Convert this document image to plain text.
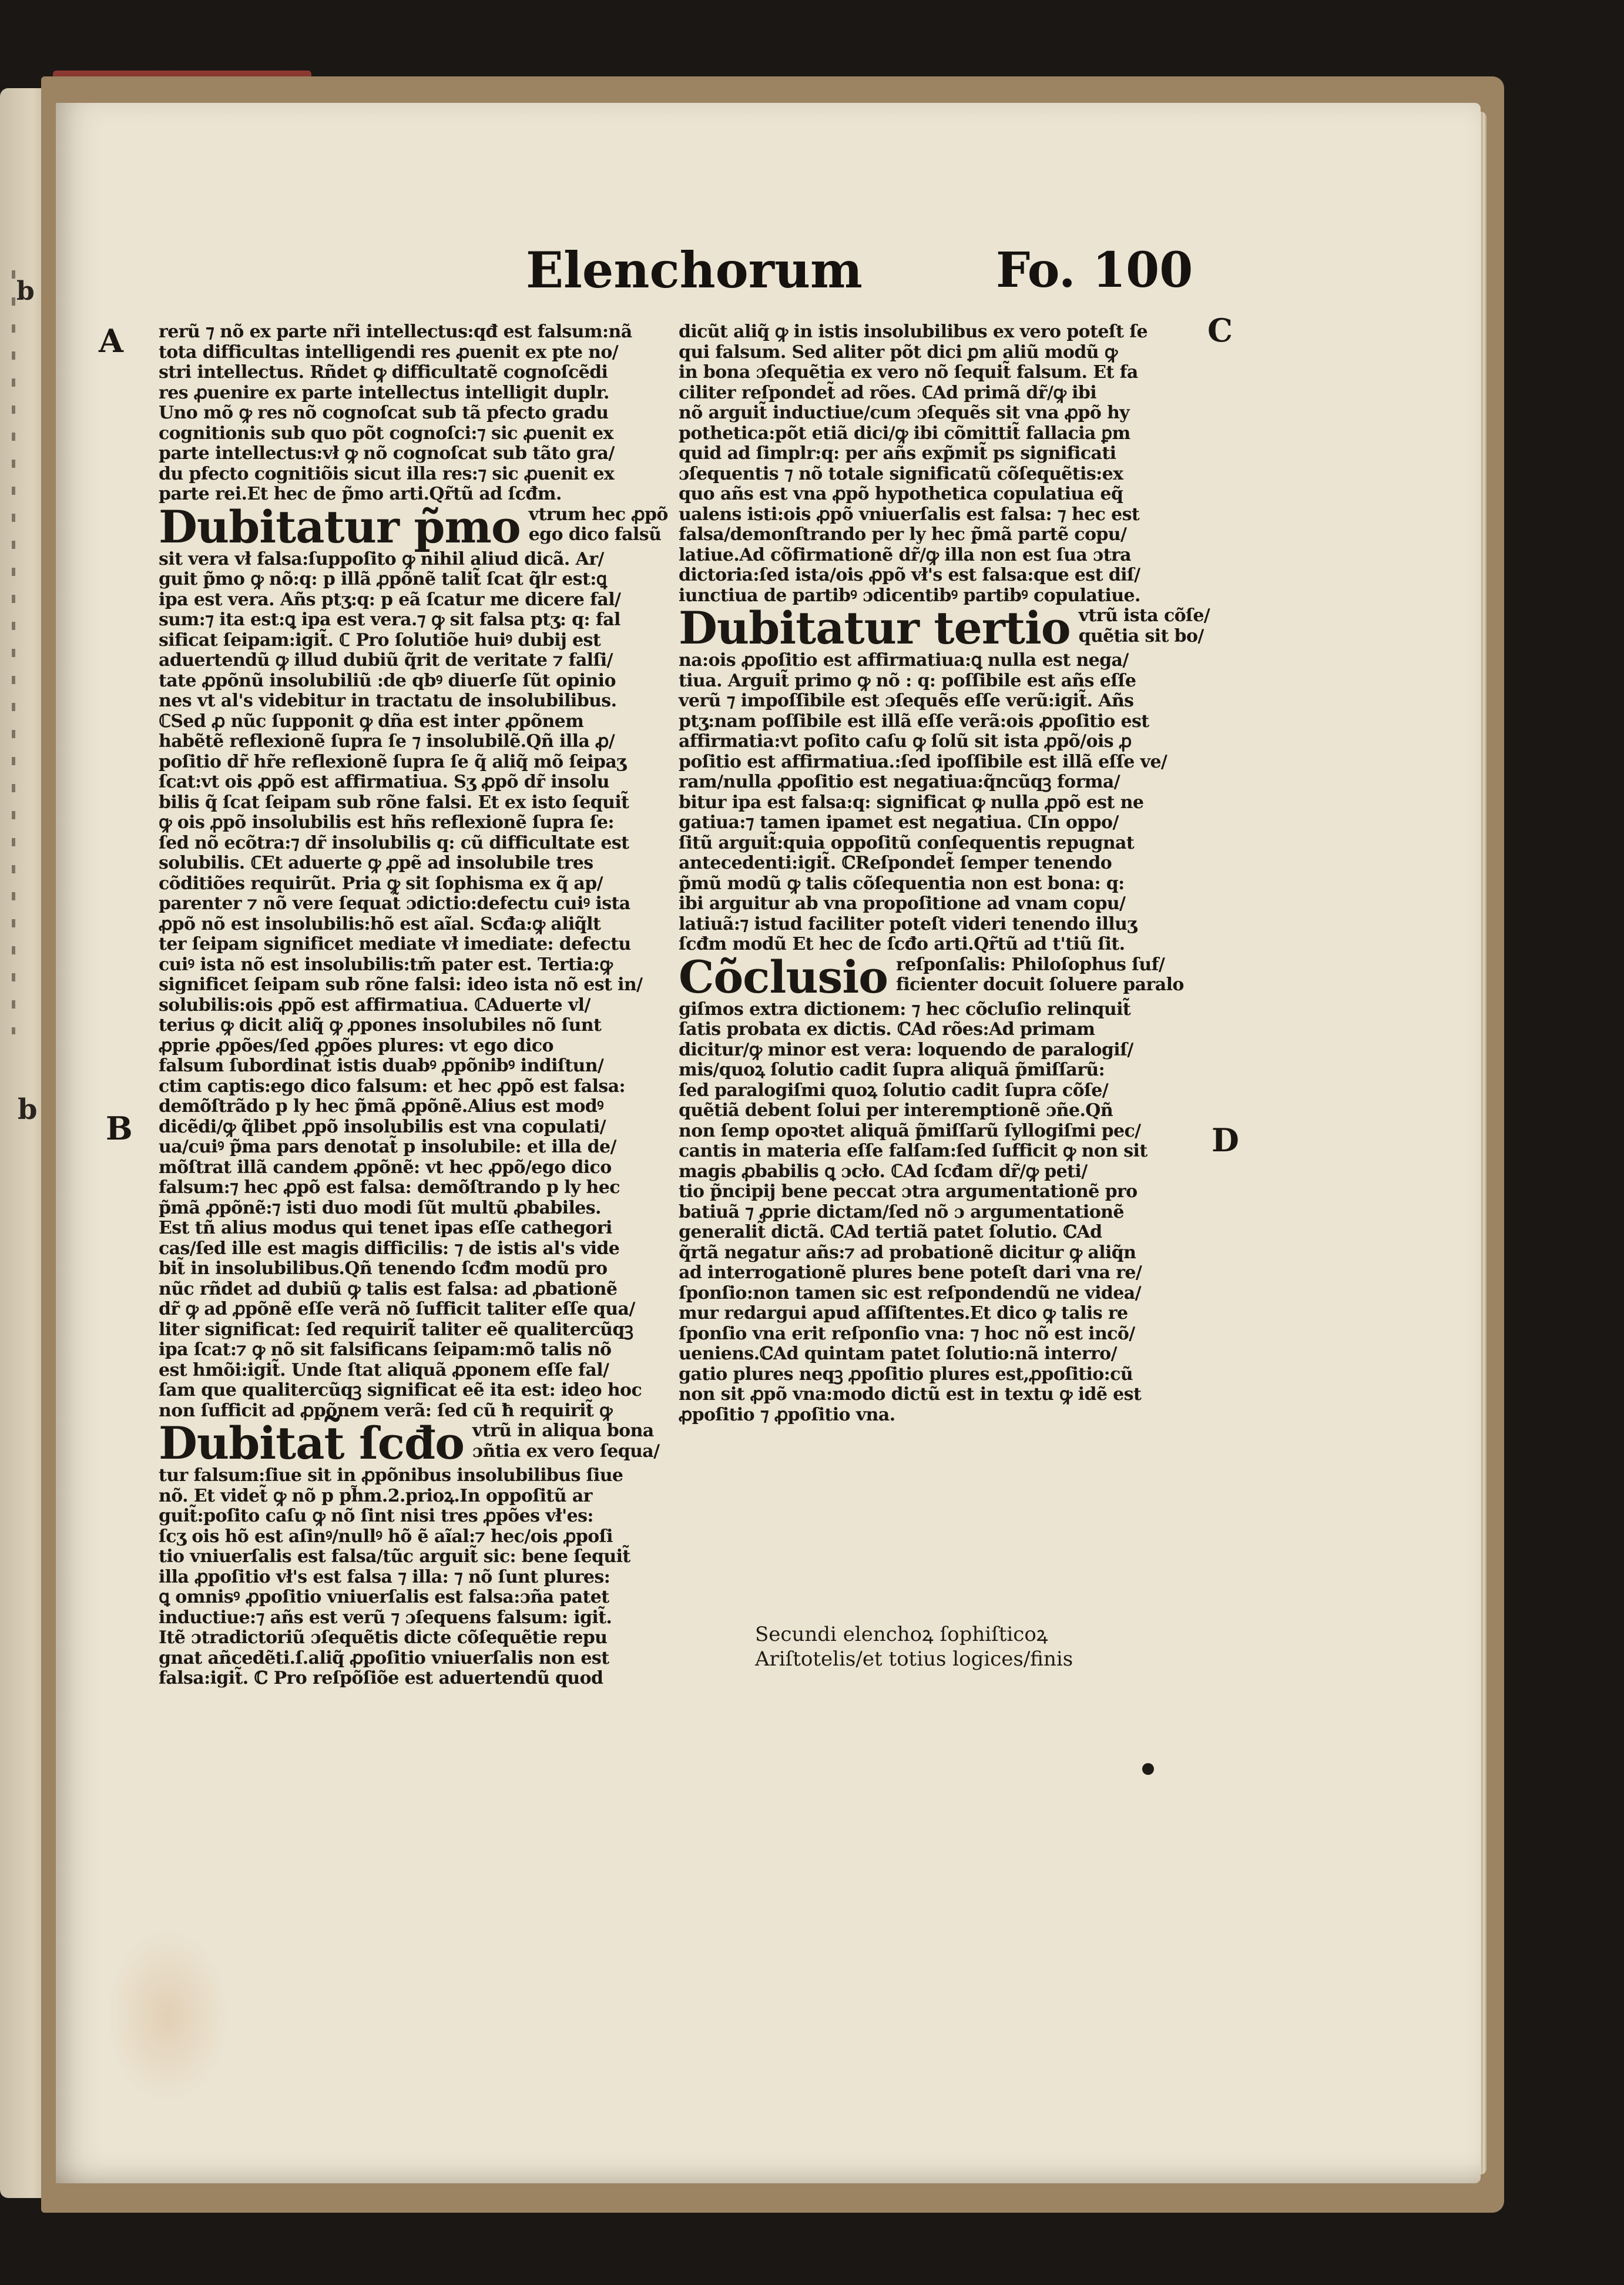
b
b
Elenchorum	Fo. 100
A
B
C
D

rerũ ⁊ nõ ex parte nr̃i intellectus:qđ est falsum:nã
tota difficultas intelligendi res ꝓuenit ex pte no/
stri intellectus. Rñdet ꝙ difficultatẽ cognoſcẽdi
res ꝓuenire ex parte intellectus intelligit duplr.
Uno mõ ꝙ res nõ cognoſcat sub tã pfecto gradu
cognitionis sub quo põt cognoſci:⁊ sic ꝓuenit ex
parte intellectus:vł ꝙ nõ cognoſcat sub tãto gra/
du pfecto cognitiõis sicut illa res:⁊ sic ꝓuenit ex
parte rei.Et hec de p̃mo arti.Qr̃tũ ad ſcđm.

Dubitatur p̃mo vtrum hec ꝓpõ
ego dico falsũ

sit vera vł falsa:ſuppoſito ꝙ nihil aliud dicã. Ar/
guit p̃mo ꝙ nõ:q: p illã ꝓpõnẽ talit̃ ſcat q̃lr est:ꝗ
ipa est vera. Añs ptʒ:q: p eã ſcatur me dicere fal/
sum:⁊ ita est:ꝗ ipa est vera.⁊ ꝙ sit falsa ptʒ: q: fal
sificat ſeipam:igit̃. ℂ Pro ſolutiõe huiꝰ dubij est
aduertendũ ꝙ illud dubiũ q̃rit de veritate ⁊ falſi/
tate ꝓpõnũ insolubiliũ :de qbꝰ diuerſe ſũt opinio
nes vt al's videbitur in tractatu de insolubilibus.
ℂSed ꝓ nũc ſupponit ꝙ dña est inter ꝓpõnem
habẽtẽ reflexionẽ ſupra ſe ⁊ insolubilẽ.Qñ illa ꝓ/
poſitio dr̃ hr̃e reflexionẽ ſupra ſe q̃ aliq̃ mõ ſeipaʒ
ſcat:vt ois ꝓpõ est affirmatiua. Sʒ ꝓpõ dr̃ insolu
bilis q̃ ſcat ſeipam sub rõne falsi. Et ex isto ſequit̃
ꝙ ois ꝓpõ insolubilis est hñs reflexionẽ ſupra ſe:
ſed nõ ecõtra:⁊ dr̃ insolubilis q: cũ difficultate est
solubilis. ℂEt aduerte ꝙ ꝓpẽ ad insolubile tres
cõditiões requirũt. Pria ꝙ sit ſophisma ex q̃ ap/
parenter ⁊ nõ vere ſequat̃ ɔdictio:defectu cuiꝰ ista
ꝓpõ nõ est insolubilis:hõ est aĩal. Scđa:ꝙ aliq̃lt
ter ſeipam significet mediate vł imediate: defectu
cuiꝰ ista nõ est insolubilis:tm̃ pater est. Tertia:ꝙ
significet ſeipam sub rõne falsi: ideo ista nõ est in/
solubilis:ois ꝓpõ est affirmatiua. ℂAduerte vl/
terius ꝙ dicit aliq̃ ꝙ ꝓpones insolubiles nõ ſunt
ꝓprie ꝓpões/ſed ꝓpões plures: vt ego dico
falsum ſubordinat̃ istis duabꝰ ꝓpõnibꝰ indiſtun/
ctim captis:ego dico falsum: et hec ꝓpõ est falsa:
demõſtrãdo p ly hec p̃mã ꝓpõnẽ.Alius est modꝰ
dicẽdi/ꝙ q̃libet ꝓpõ insolubilis est vna copulati/
ua/cuiꝰ p̃ma pars denotat̃ p insolubile: et illa de/
mõſtrat illã candem ꝓpõnẽ: vt hec ꝓpõ/ego dico
falsum:⁊ hec ꝓpõ est falsa: demõſtrando p ly hec
p̃mã ꝓpõnẽ:⁊ isti duo modi ſũt multũ ꝓbabiles.
Est tñ alius modus qui tenet ipas eſſe cathegori
cas/ſed ille est magis difficilis: ⁊ de istis al's vide
bit̃ in insolubilibus.Qñ tenendo ſcđm modũ pro
nũc rñdet ad dubiũ ꝙ talis est falsa: ad ꝓbationẽ
dr̃ ꝙ ad ꝓpõnẽ eſſe verã nõ ſufficit taliter eſſe qua/
liter significat: ſed requirit̃ taliter eẽ qualitercũqꝫ
ipa ſcat:⁊ ꝙ nõ sit falsificans ſeipam:mõ talis nõ
est hmõi:igit̃. Unde ſtat aliquã ꝓponem eſſe fal/
ſam que qualitercũqꝫ significat eẽ ita est: ideo hoc
non ſufficit ad ꝓpõnem verã: ſed cũ ħ requirit̃ ꝙ

Dubitat̃ ſcđo vtrũ in aliqua bona
ɔñtia ex vero ſequa/

tur falsum:ſiue sit in ꝓpõnibus insolubilibus ſiue
nõ. Et videt̃ ꝙ nõ p ph̃m.2.prioꝝ.In oppoſitũ ar
guit̃:poſito caſu ꝙ nõ ſint nisi tres ꝓpões vł'es:
ſcʒ ois hõ est aſinꝰ/nullꝰ hõ ẽ aĩal:⁊ hec/ois ꝓpoſi
tio vniuerſalis est falsa/tũc arguit̃ sic: bene ſequit̃
illa ꝓpoſitio vł's est falsa ⁊ illa: ⁊ nõ ſunt plures:
ꝗ omnisꝰ ꝓpoſitio vniuerſalis est falsa:ɔña patet
inductiue:⁊ añs est verũ ⁊ ɔſequens falsum: igit̃.
Itẽ ɔtradictoriũ ɔſequẽtis dicte cõſequẽtie repu
gnat añcedẽti.ſ.aliq̃ ꝓpoſitio vniuerſalis non est
falsa:igit̃. ℂ Pro reſpõſiõe est aduertendũ quod

dicũt aliq̃ ꝙ in istis insolubilibus ex vero poteſt ſe
qui falsum. Sed aliter põt dici ꝑm aliũ modũ ꝙ
in bona ɔſequẽtia ex vero nõ ſequit̃ falsum. Et fa
ciliter reſpondet̃ ad rões. ℂAd primã dr̃/ꝙ ibi
nõ arguit̃ inductiue/cum ɔſequẽs sit vna ꝓpõ hy
pothetica:põt etiã dici/ꝙ ibi cõmittit̃ fallacia ꝑm
quid ad ſimplr:q: per añs exp̃mit̃ ps significati
ɔſequentis ⁊ nõ totale significatũ cõſequẽtis:ex
quo añs est vna ꝓpõ hypothetica copulatiua eq̃
ualens isti:ois ꝓpõ vniuerſalis est falsa: ⁊ hec est
falsa/demonſtrando per ly hec p̃mã partẽ copu/
latiue.Ad cõfirmationẽ dr̃/ꝙ illa non est ſua ɔtra
dictoria:ſed ista/ois ꝓpõ vł's est falsa:que est diſ/
iunctiua de partibꝰ ɔdicentibꝰ partibꝰ copulatiue.

Dubitatur tertio vtrũ ista cõſe/
quẽtia sit bo/

na:ois ꝓpoſitio est affirmatiua:ꝗ nulla est nega/
tiua. Arguit̃ primo ꝙ nõ : q: poſſibile est añs eſſe
verũ ⁊ impoſſibile est ɔſequẽs eſſe verũ:igit̃. Añs
ptʒ:nam poſſibile est illã eſſe verã:ois ꝓpoſitio est
affirmatia:vt poſito caſu ꝙ ſolũ sit ista ꝓpõ/ois ꝓ
poſitio est affirmatiua.:ſed ipoſſibile est illã eſſe ve/
ram/nulla ꝓpoſitio est negatiua:q̃ncũqꝫ forma/
bitur ipa est falsa:q: significat ꝙ nulla ꝓpõ est ne
gatiua:⁊ tamen ipamet est negatiua. ℂIn oppo/
ſitũ arguit̃:quia oppoſitũ conſequentis repugnat
antecedenti:igit̃. ℂReſpondet̃ ſemper tenendo
p̃mũ modũ ꝙ talis cõſequentia non est bona: q:
ibi arguitur ab vna propoſitione ad vnam copu/
latiuã:⁊ istud faciliter poteſt videri tenendo illuʒ
ſcđm modũ Et hec de ſcđo arti.Qr̃tũ ad t'tiũ ſit.

Cõclusio reſponſalis: Philoſophus ſuf/
ficienter docuit ſoluere paralo

giſmos extra dictionem: ⁊ hec cõcluſio relinquit̃
ſatis probata ex dictis. ℂAd rões:Ad primam
dicitur/ꝙ minor est vera: loquendo de paralogiſ/
mis/quoꝝ ſolutio cadit ſupra aliquã p̃miſſarũ:
ſed paralogiſmi quoꝝ ſolutio cadit ſupra cõſe/
quẽtiã debent ſolui per interemptionẽ ɔñe.Qñ
non ſemp opoꝛtet aliquã p̃miſſarũ ſyllogiſmi pec/
cantis in materia eſſe falſam:ſed ſufficit ꝙ non sit
magis ꝓbabilis ꝗ ɔcło. ℂAd ſcđam dr̃/ꝙ peti/
tio p̃ncipij bene peccat ɔtra argumentationẽ pro
batiuã ⁊ ꝓprie dictam/ſed nõ ɔ argumentationẽ
generalit̃ dictã. ℂAd tertiã patet ſolutio. ℂAd
q̃rtã negatur añs:⁊ ad probationẽ dicitur ꝙ aliq̃n
ad interrogationẽ plures bene poteſt dari vna re/
ſponſio:non tamen sic est reſpondendũ ne videa/
mur redargui apud aſſiſtentes.Et dico ꝙ talis re
ſponſio vna erit reſponſio vna: ⁊ hoc nõ est incõ/
ueniens.ℂAd quintam patet ſolutio:nã interro/
gatio plures neqꝫ ꝓpoſitio plures est,ꝓpoſitio:cũ
non sit ꝓpõ vna:modo dictũ est in textu ꝙ idẽ est
ꝓpoſitio ⁊ ꝓpoſitio vna.

Secundi elenchoꝝ ſophiſticoꝝ
Ariſtotelis/et totius logices/finis
